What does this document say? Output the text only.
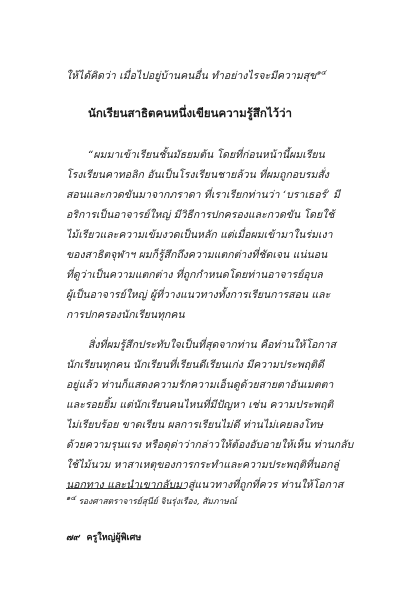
ให้ได้คิดว่า เมื่อไปอยู่บ้านคนอื่น ทำอย่างไรจะมีความสุข$^{๑๔}$
นักเรียนสาธิตคนหนึ่งเขียนความรู้สึกไว้ว่า
“ผมมาเข้าเรียนชั้นมัธยมต้น โดยที่ก่อนหน้านี้ผมเรียน
โรงเรียนคาทอลิก อันเป็นโรงเรียนชายล้วน ที่ผมถูกอบรมสั่ง
สอนและกวดขันมาจากภราดา ที่เราเรียกท่านว่า ‘บราเธอร์’ มี
อริการเป็นอาจารย์ใหญ่ มีวิธีการปกครองและกวดขัน โดยใช้
ไม้เรียวและความเข้มงวดเป็นหลัก แต่เมื่อผมเข้ามาในร่มเงา
ของสาธิตจุฬาฯ ผมก็รู้สึกถึงความแตกต่างที่ชัดเจน แน่นอน
ที่ดูว่าเป็นความแตกต่าง ที่ถูกกำหนดโดยท่านอาจารย์อุบล
ผู้เป็นอาจารย์ใหญ่ ผู้ที่วางแนวทางทั้งการเรียนการสอน และ
การปกครองนักเรียนทุกคน
สิ่งที่ผมรู้สึกประทับใจเป็นที่สุดจากท่าน คือท่านให้โอกาส
นักเรียนทุกคน นักเรียนที่เรียนดีเรียนเก่ง มีความประพฤติดี
อยู่แล้ว ท่านก็แสดงความรักความเอ็นดูด้วยสายตาอันเมตตา
และรอยยิ้ม แต่นักเรียนคนไหนที่มีปัญหา เช่น ความประพฤติ
ไม่เรียบร้อย ขาดเรียน ผลการเรียนไม่ดี ท่านไม่เคยลงโทษ
ด้วยความรุนแรง หรือดุด่าว่ากล่าวให้ต้องอับอายให้เห็น ท่านกลับ
ใช้ไม้นวม หาสาเหตุของการกระทำและความประพฤติที่นอกลู่
นอกทาง และนำเขากลับมาสู่แนวทางที่ถูกที่ควร ท่านให้โอกาส
$^{๑๔}$ รองศาสตราจารย์สุนีย์ จินรุ่งเรือง, สัมภาษณ์
๗๙ ครูใหญ่ผู้พิเศษ
